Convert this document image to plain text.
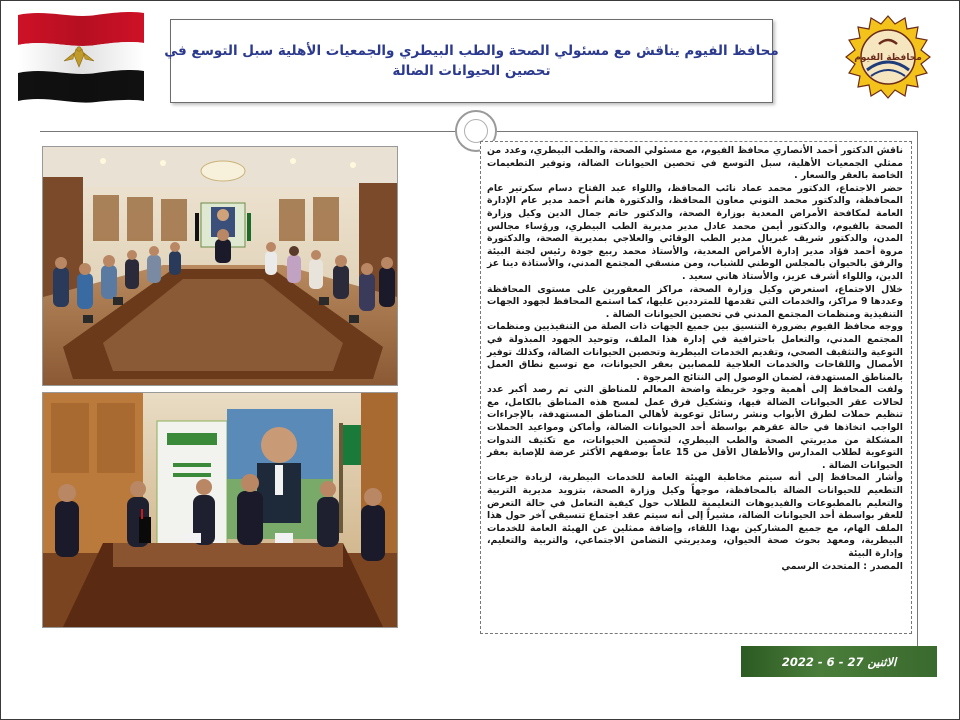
محافظ الفيوم يناقش مع مسئولي الصحة والطب البيطري والجمعيات الأهلية سبل التوسع في
تحصين الحيوانات الضالة
محافظة الفيوم

ناقش الدكتور أحمد الأنصاري محافظ الفيوم، مع مسئولي الصحة، والطب البيطري، وعدد من ممثلي الجمعيات الأهلية، سبل التوسع في تحصين الحيوانات الضالة، وتوفير التطعيمات الخاصة بالعقر والسعار .

حضر الاجتماع، الدكتور محمد عماد نائب المحافظ، واللواء عبد الفتاح دسام سكرتير عام المحافظة، والدكتور محمد التوني معاون المحافظ، والدكتورة هانم أحمد مدير عام الإدارة العامة لمكافحة الأمراض المعدية بوزارة الصحة، والدكتور حاتم جمال الدين وكيل وزارة الصحة بالفيوم، والدكتور أيمن محمد عادل مدير مديرية الطب البيطري، ورؤساء مجالس المدن، والدكتور شريف غبريال مدير الطب الوقائي والعلاجي بمديرية الصحة، والدكتورة مروة أحمد فؤاد مدير إدارة الأمراض المعدية، والأستاذ محمد ربيع جودة رئيس لجنة البيئة والرفق بالحيوان بالمجلس الوطني للشباب، ومن منسقي المجتمع المدني، والأستاذة دينا عز الدين، واللواء أشرف عزيز، والأستاذ هاني سعيد .

خلال الاجتماع، استعرض وكيل وزارة الصحة، مراكز المعقورين على مستوى المحافظة وعددها 9 مراكز، والخدمات التي تقدمها للمترددين عليها، كما استمع المحافظ لجهود الجهات التنفيذية ومنظمات المجتمع المدني في تحصين الحيوانات الضالة .

ووجه محافظ الفيوم بضرورة التنسيق بين جميع الجهات ذات الصلة من التنفيذيين ومنظمات المجتمع المدني، والتعامل باحترافية في إدارة هذا الملف، وتوحيد الجهود المبذولة في التوعية والتثقيف الصحي، وتقديم الخدمات البيطرية وتحصين الحيوانات الضالة، وكذلك توفير الأمصال واللقاحات والخدمات العلاجية للمصابين بعقر الحيوانات، مع توسيع نطاق العمل بالمناطق المستهدفة، لضمان الوصول إلى النتائج المرجوة .

ولفت المحافظ إلى أهمية وجود خريطة واضحة المعالم للمناطق التي تم رصد أكبر عدد لحالات عقر الحيوانات الضالة فيها، وتشكيل فرق عمل لمسح هذه المناطق بالكامل، مع تنظيم حملات لطرق الأبواب ونشر رسائل توعوية لأهالي المناطق المستهدفة، بالإجراءات الواجب اتخاذها في حالة عقرهم بواسطة أحد الحيوانات الضالة، وأماكن ومواعيد الحملات المشكلة من مديريتي الصحة والطب البيطري، لتحصين الحيوانات، مع تكثيف الندوات التوعوية لطلاب المدارس والأطفال الأقل من 15 عاماً بوصفهم الأكثر عرضة للإصابة بعقر الحيوانات الضالة .

وأشار المحافظ إلى أنه سيتم مخاطبة الهيئة العامة للخدمات البيطرية، لزيادة جرعات التطعيم للحيوانات الضالة بالمحافظة، موجهاً وكيل وزارة الصحة، بتزويد مديرية التربية والتعليم بالمطبوعات والفيديوهات التعليمية للطلاب حول كيفية التعامل في حالة التعرض للعقر بواسطة أحد الحيوانات الضالة، مشيراً إلى أنه سيتم عقد اجتماع تنسيقي آخر حول هذا الملف الهام، مع جميع المشاركين بهذا اللقاء، وإضافة ممثلين عن الهيئة العامة للخدمات البيطرية، ومعهد بحوث صحة الحيوان، ومديريتي التضامن الاجتماعي، والتربية والتعليم، وإدارة البيئة

المصدر : المتحدث الرسمي

الاثنين 27 - 6 - 2022
